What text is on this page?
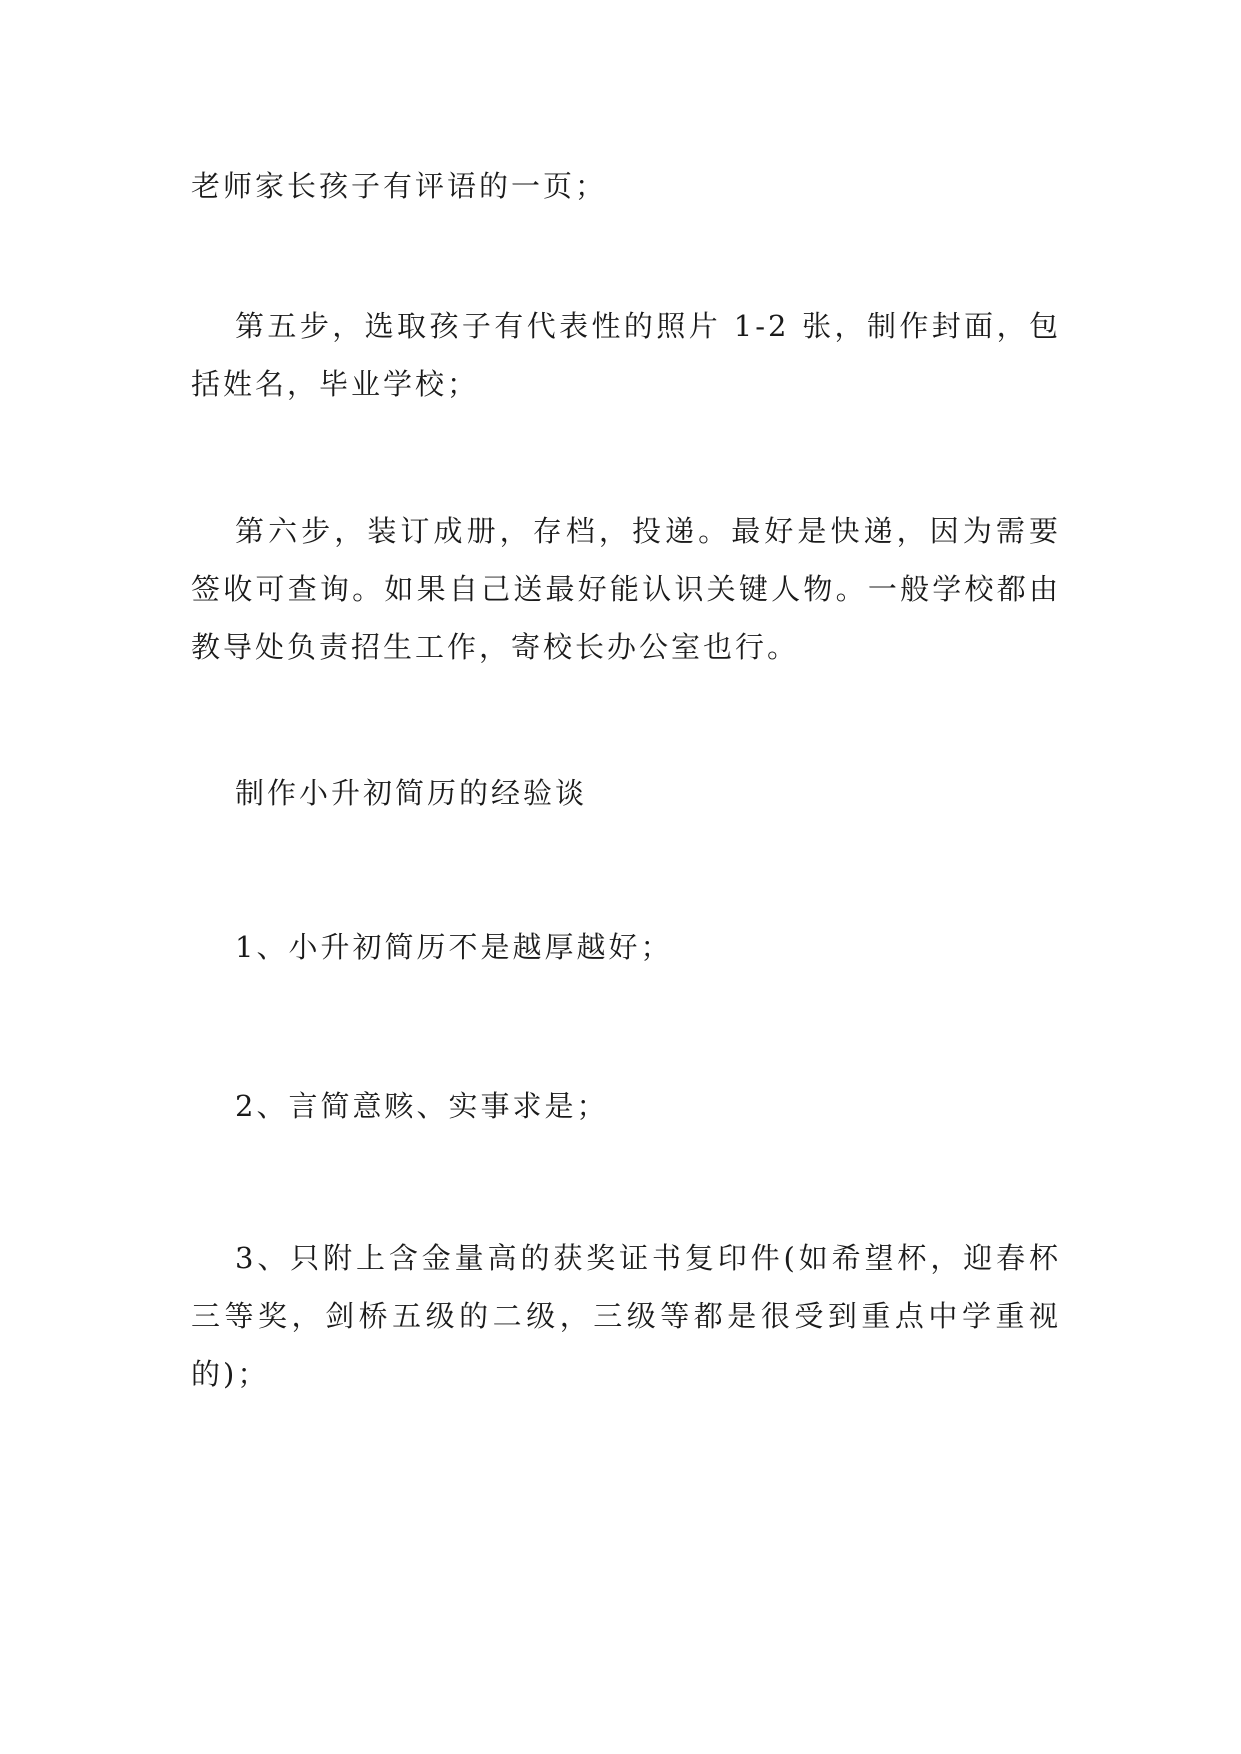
老师家长孩子有评语的一页；

第五步，选取孩子有代表性的照片 1-2 张，制作封面，包括姓名，毕业学校；

第六步，装订成册，存档，投递。最好是快递，因为需要签收可查询。如果自己送最好能认识关键人物。一般学校都由教导处负责招生工作，寄校长办公室也行。

制作小升初简历的经验谈

1、小升初简历不是越厚越好；

2、言简意赅、实事求是；

3、只附上含金量高的获奖证书复印件(如希望杯，迎春杯三等奖，剑桥五级的二级，三级等都是很受到重点中学重视的)；
